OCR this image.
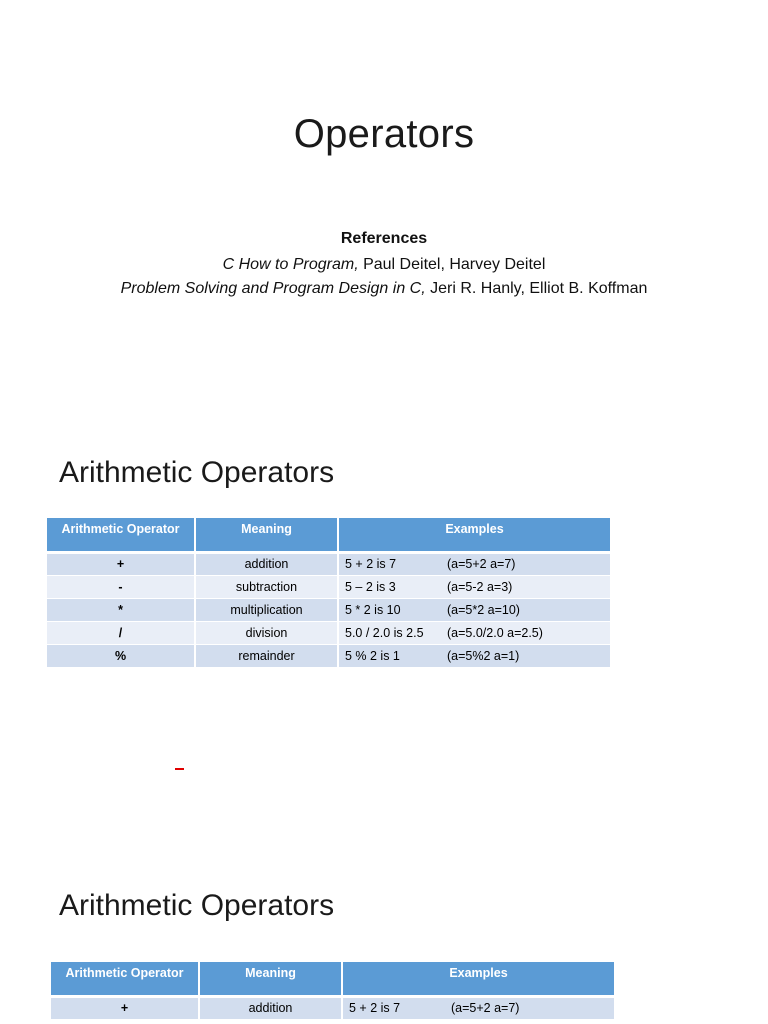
Operators
References

C How to Program, Paul Deitel, Harvey Deitel

Problem Solving and Program Design in C, Jeri R. Hanly, Elliot B. Koffman

Arithmetic Operators
Arithmetic Operator	Meaning	Examples
+	addition	5 + 2 is 7 (a=5+2 a=7)
-	subtraction	5 – 2 is 3 (a=5-2 a=3)
*	multiplication	5 * 2 is 10 (a=5*2 a=10)
/	division	5.0 / 2.0 is 2.5 (a=5.0/2.0 a=2.5)
%	remainder	5 % 2 is 1 (a=5%2 a=1)
Arithmetic Operators
Arithmetic Operator	Meaning	Examples
+	addition	5 + 2 is 7 (a=5+2 a=7)
